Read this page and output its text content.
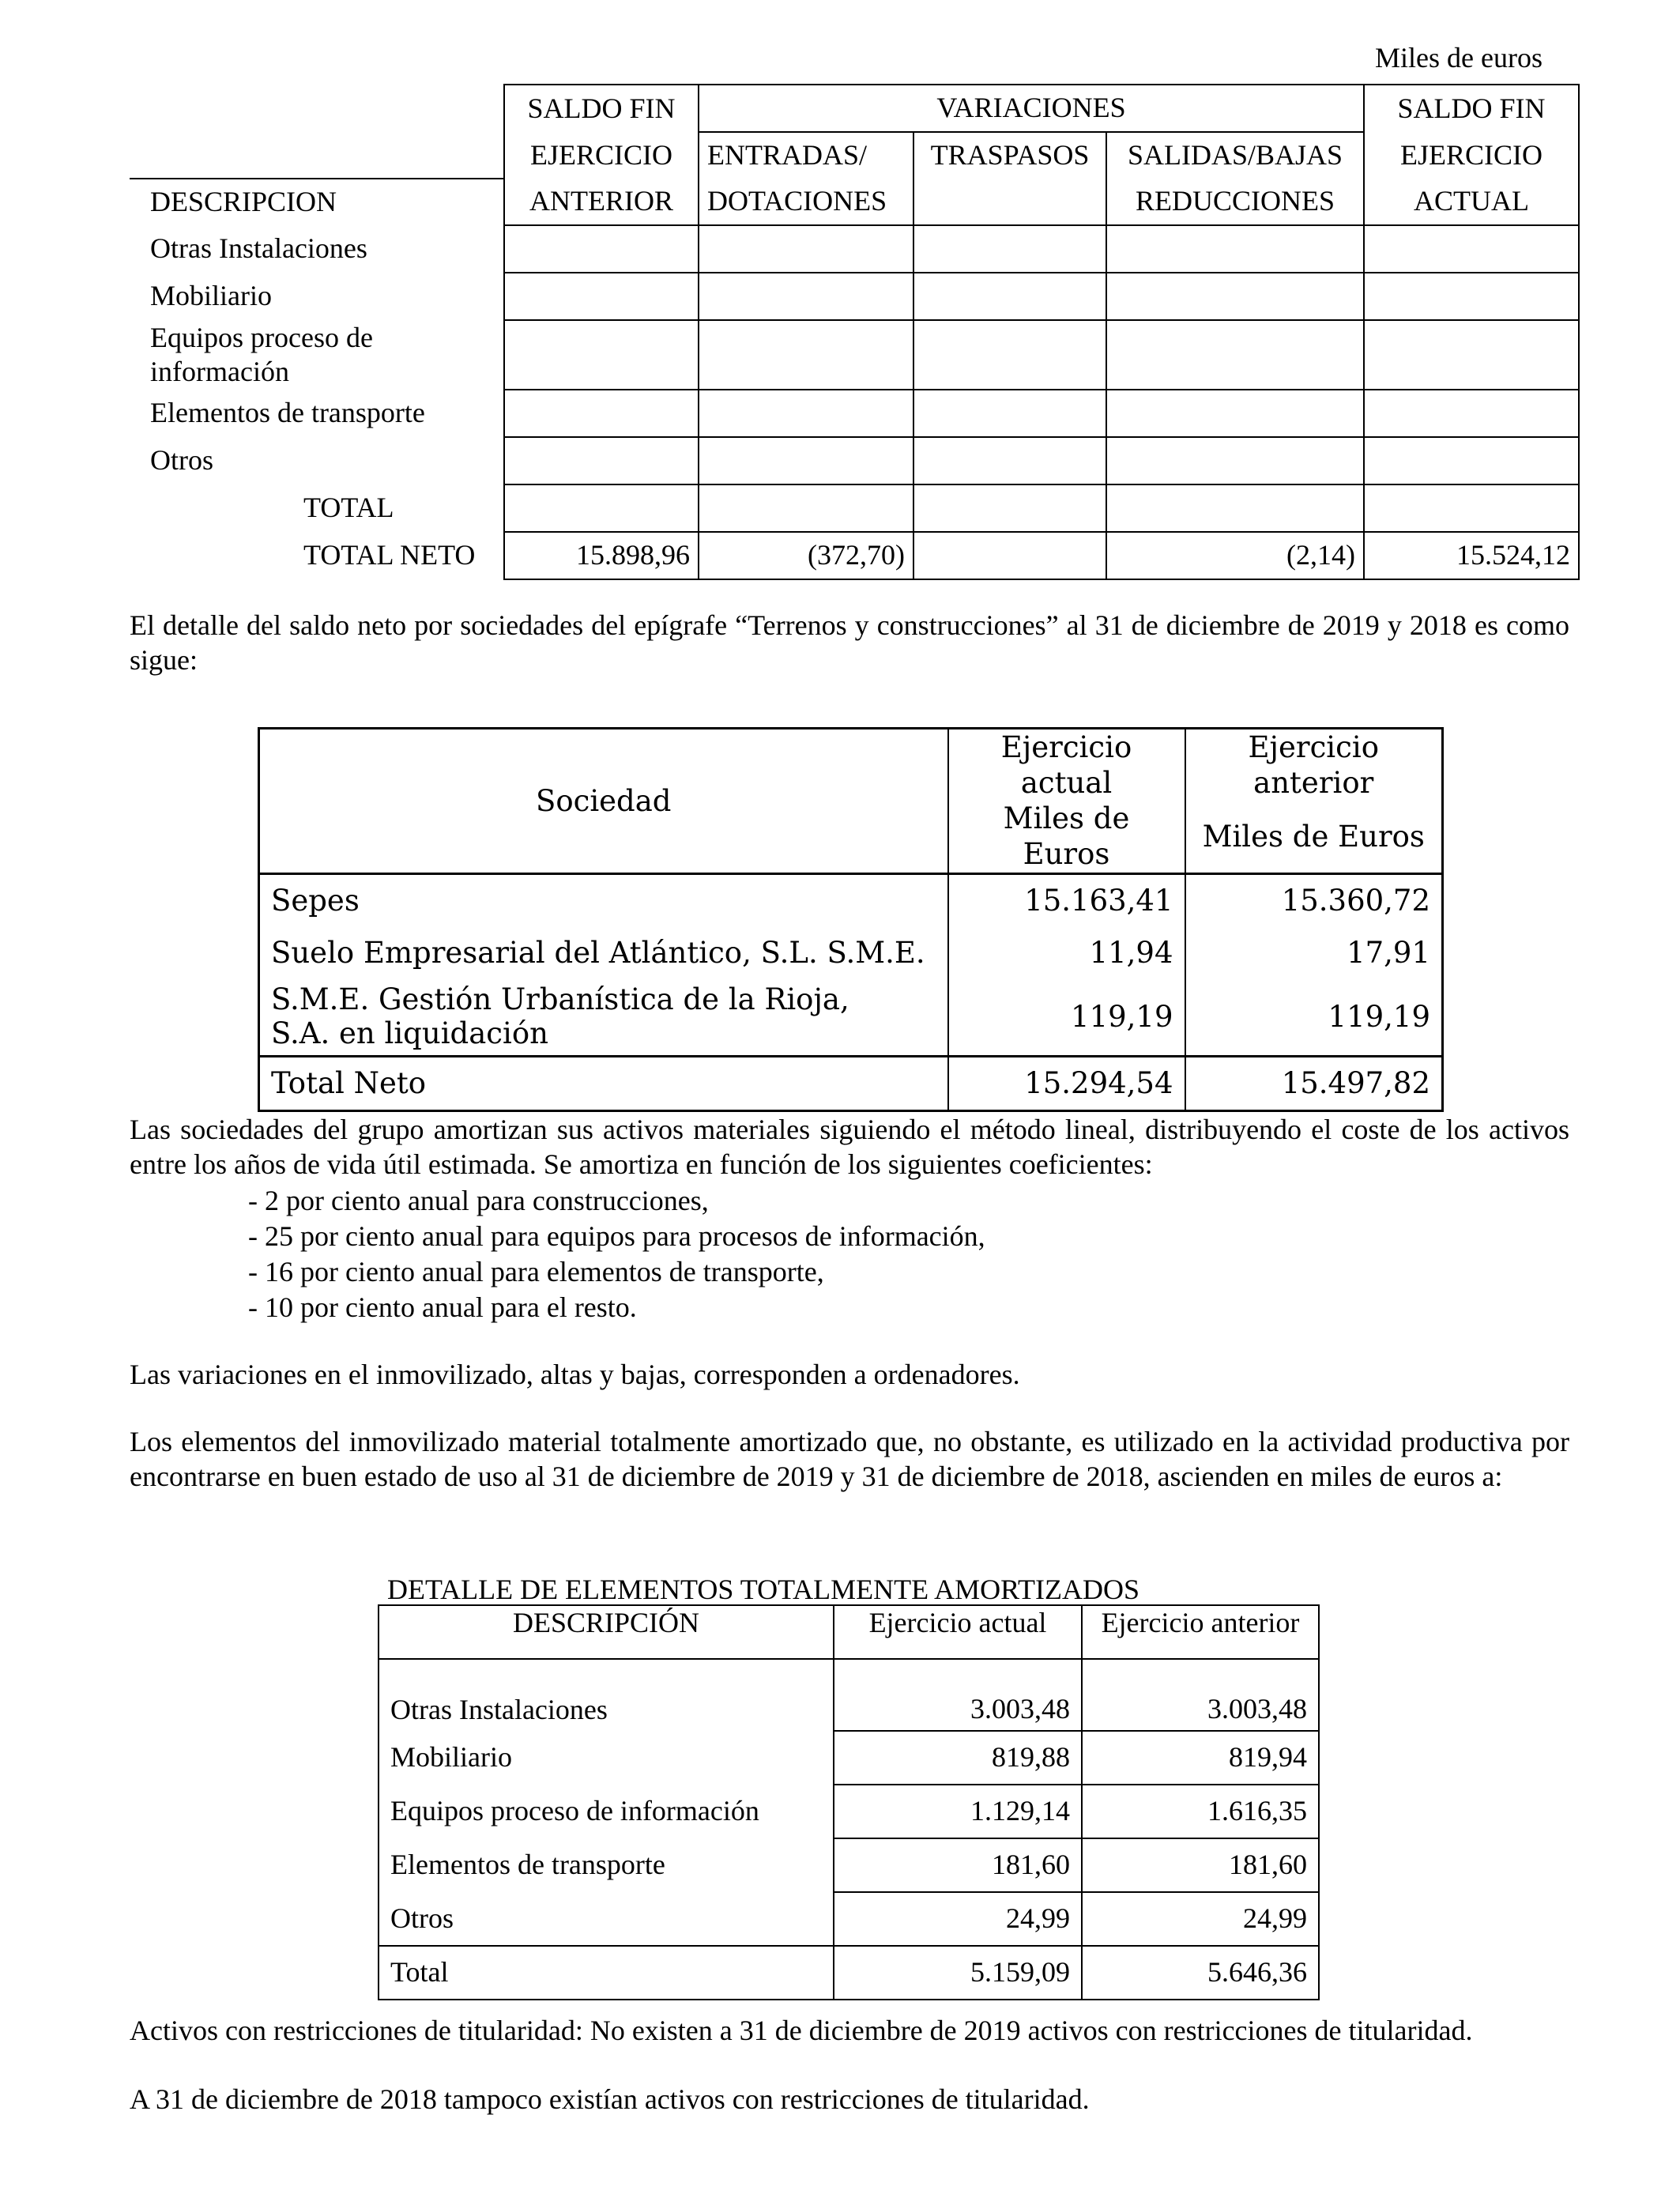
Miles de euros
	SALDO FIN	VARIACIONES			SALDO FIN
	EJERCICIO	ENTRADAS/	TRASPASOS	SALIDAS/BAJAS	EJERCICIO
DESCRIPCION	ANTERIOR	DOTACIONES		REDUCCIONES	ACTUAL
Otras Instalaciones					
Mobiliario					
Equipos proceso de información					
Elementos de transporte					
Otros					
TOTAL					
TOTAL NETO	15.898,96	(372,70)		(2,14)	15.524,12
El detalle del saldo neto por sociedades del epígrafe “Terrenos y construcciones” al 31 de diciembre de 2019 y 2018 es como sigue:
Sociedad	Ejercicio actual	Ejercicio anterior
	Miles de Euros	Miles de Euros
Sepes	15.163,41	15.360,72
Suelo Empresarial del Atlántico, S.L. S.M.E.	11,94	17,91
S.M.E. Gestión Urbanística de la Rioja, S.A. en liquidación	119,19	119,19
Total Neto	15.294,54	15.497,82
Las sociedades del grupo amortizan sus activos materiales siguiendo el método lineal, distribuyendo el coste de los activos entre los años de vida útil estimada. Se amortiza en función de los siguientes coeficientes:
- 2 por ciento anual para construcciones,
- 25 por ciento anual para equipos para procesos de información,
- 16 por ciento anual para elementos de transporte,
- 10 por ciento anual para el resto.
Las variaciones en el inmovilizado, altas y bajas, corresponden a ordenadores.
Los elementos del inmovilizado material totalmente amortizado que, no obstante, es utilizado en la actividad productiva por encontrarse en buen estado de uso al 31 de diciembre de 2019 y 31 de diciembre de 2018, ascienden en miles de euros a:
DETALLE DE ELEMENTOS TOTALMENTE AMORTIZADOS
DESCRIPCIÓN	Ejercicio actual	Ejercicio anterior
Otras Instalaciones	3.003,48	3.003,48
Mobiliario	819,88	819,94
Equipos proceso de información	1.129,14	1.616,35
Elementos de transporte	181,60	181,60
Otros	24,99	24,99
Total	5.159,09	5.646,36
Activos con restricciones de titularidad: No existen a 31 de diciembre de 2019 activos con restricciones de titularidad.
A 31 de diciembre de 2018 tampoco existían activos con restricciones de titularidad.
